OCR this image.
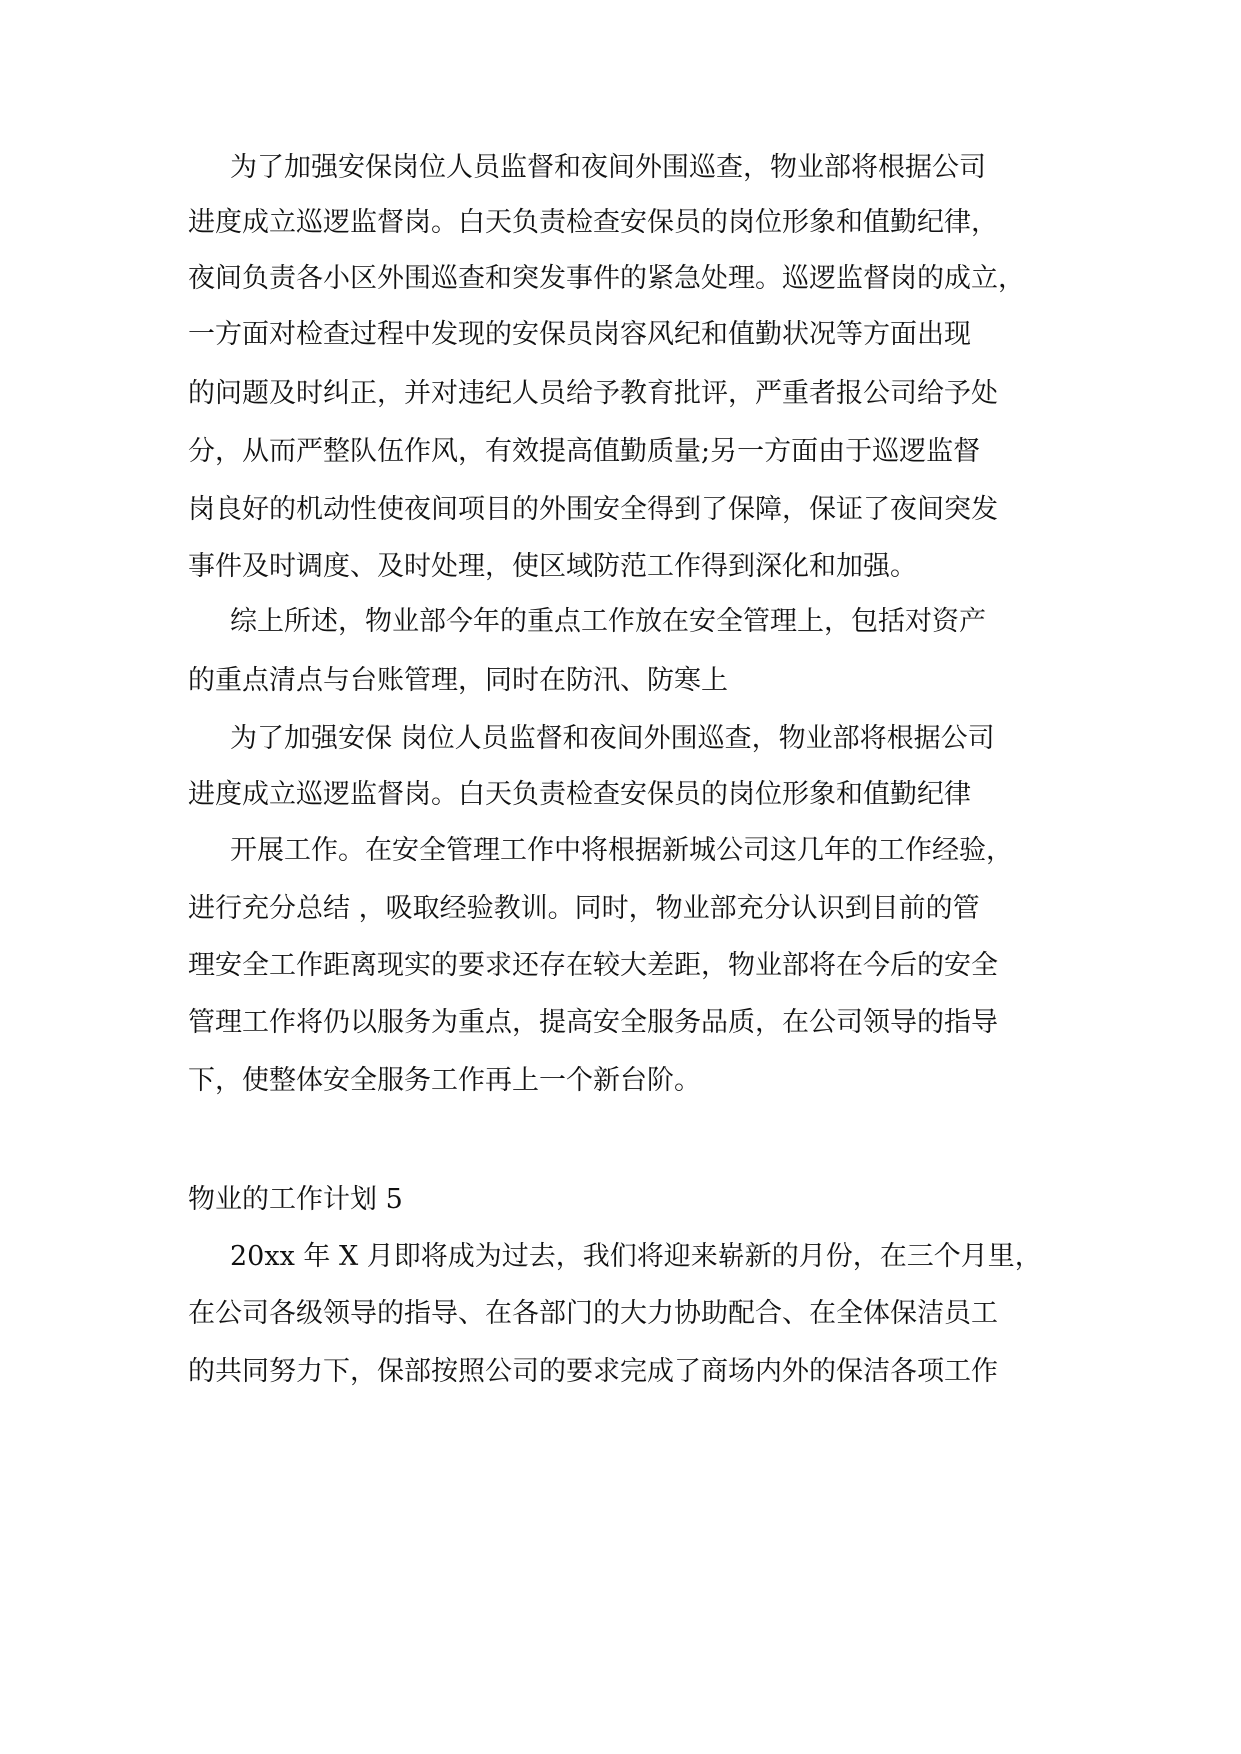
为了加强安保岗位人员监督和夜间外围巡查，物业部将根据公司
进度成立巡逻监督岗。白天负责检查安保员的岗位形象和值勤纪律，
夜间负责各小区外围巡查和突发事件的紧急处理。巡逻监督岗的成立，
一方面对检查过程中发现的安保员岗容风纪和值勤状况等方面出现
的问题及时纠正，并对违纪人员给予教育批评，严重者报公司给予处
分，从而严整队伍作风，有效提高值勤质量;另一方面由于巡逻监督
岗良好的机动性使夜间项目的外围安全得到了保障，保证了夜间突发
事件及时调度、及时处理，使区域防范工作得到深化和加强。
综上所述，物业部今年的重点工作放在安全管理上，包括对资产
的重点清点与台账管理，同时在防汛、防寒上
为了加强安保 岗位人员监督和夜间外围巡查，物业部将根据公司
进度成立巡逻监督岗。白天负责检查安保员的岗位形象和值勤纪律
开展工作。在安全管理工作中将根据新城公司这几年的工作经验，
进行充分总结 ，吸取经验教训。同时，物业部充分认识到目前的管
理安全工作距离现实的要求还存在较大差距，物业部将在今后的安全
管理工作将仍以服务为重点，提高安全服务品质，在公司领导的指导
下，使整体安全服务工作再上一个新台阶。
物业的工作计划 5
20xx 年 X 月即将成为过去，我们将迎来崭新的月份，在三个月里，
在公司各级领导的指导、在各部门的大力协助配合、在全体保洁员工
的共同努力下，保部按照公司的要求完成了商场内外的保洁各项工作
